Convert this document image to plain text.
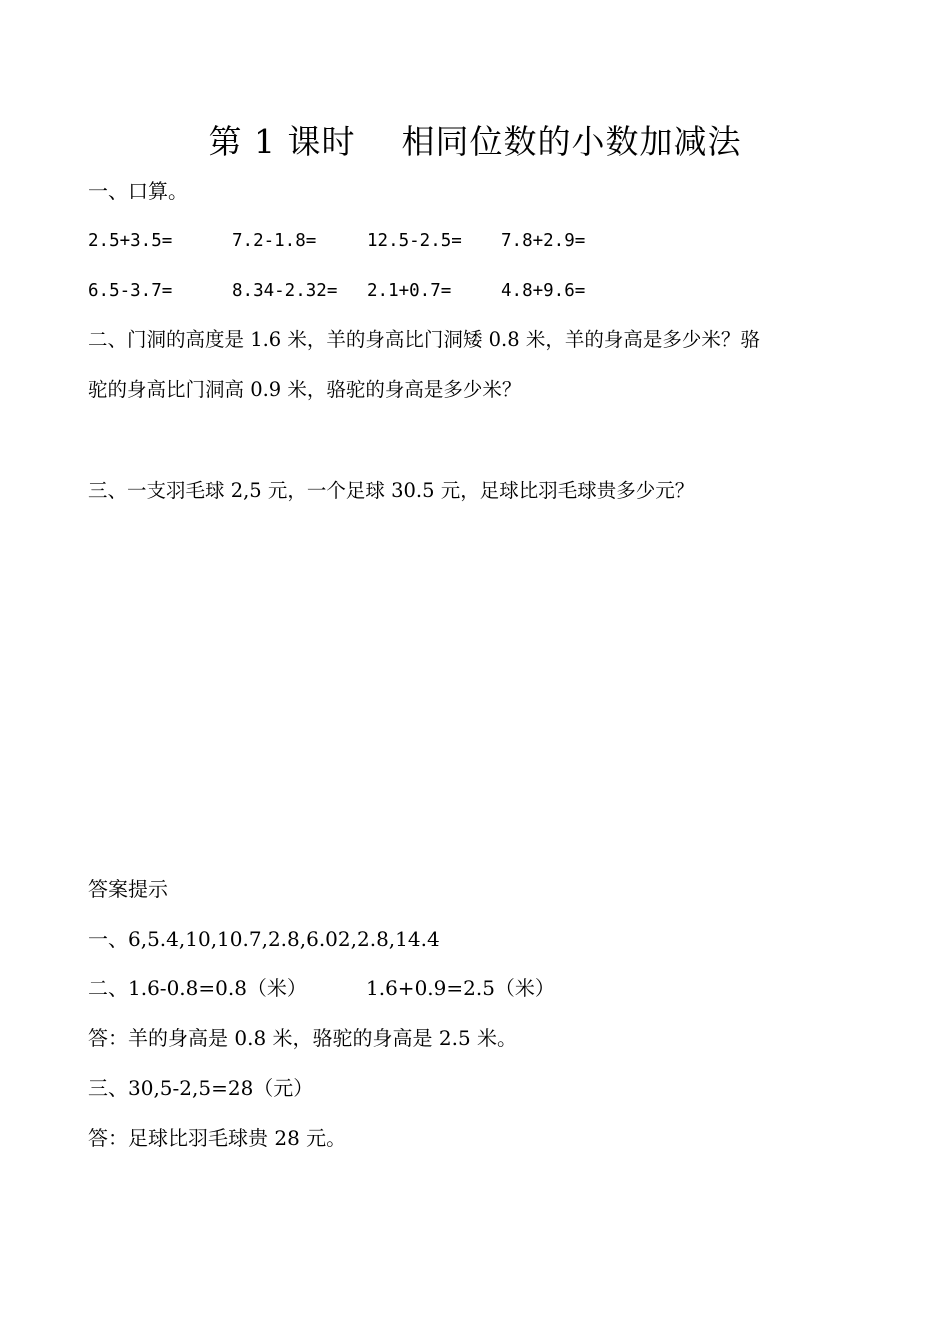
第 1 课时    相同位数的小数加减法
一、口算。
2.5+3.5=	7.2-1.8=	12.5-2.5= 7.8+2.9=
6.5-3.7=	8.34-2.32= 2.1+0.7=	4.8+9.6=
二、门洞的高度是 1.6 米，羊的身高比门洞矮 0.8 米，羊的身高是多少米？骆
驼的身高比门洞高 0.9 米，骆驼的身高是多少米？
三、一支羽毛球 2,5 元，一个足球 30.5 元，足球比羽毛球贵多少元？
答案提示
一、6,5.4,10,10.7,2.8,6.02,2.8,14.4
二、1.6-0.8=0.8（米）	1.6+0.9=2.5（米）
答：羊的身高是 0.8 米，骆驼的身高是 2.5 米。
三、30,5-2,5=28（元）
答：足球比羽毛球贵 28 元。
